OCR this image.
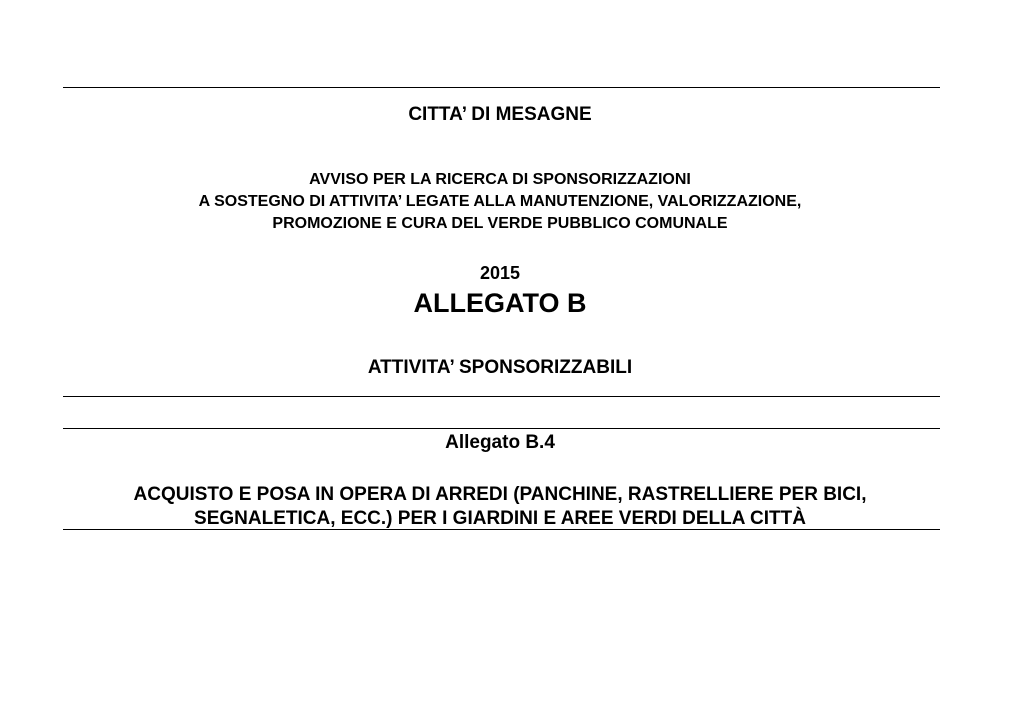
CITTA’ DI MESAGNE
AVVISO PER LA RICERCA DI SPONSORIZZAZIONI
A SOSTEGNO DI ATTIVITA’ LEGATE ALLA MANUTENZIONE, VALORIZZAZIONE,
PROMOZIONE E CURA DEL VERDE PUBBLICO COMUNALE
2015
ALLEGATO B
ATTIVITA’ SPONSORIZZABILI
Allegato B.4
ACQUISTO E POSA IN OPERA DI ARREDI (PANCHINE, RASTRELLIERE PER BICI,
SEGNALETICA, ECC.) PER I GIARDINI E AREE VERDI DELLA CITTÀ
